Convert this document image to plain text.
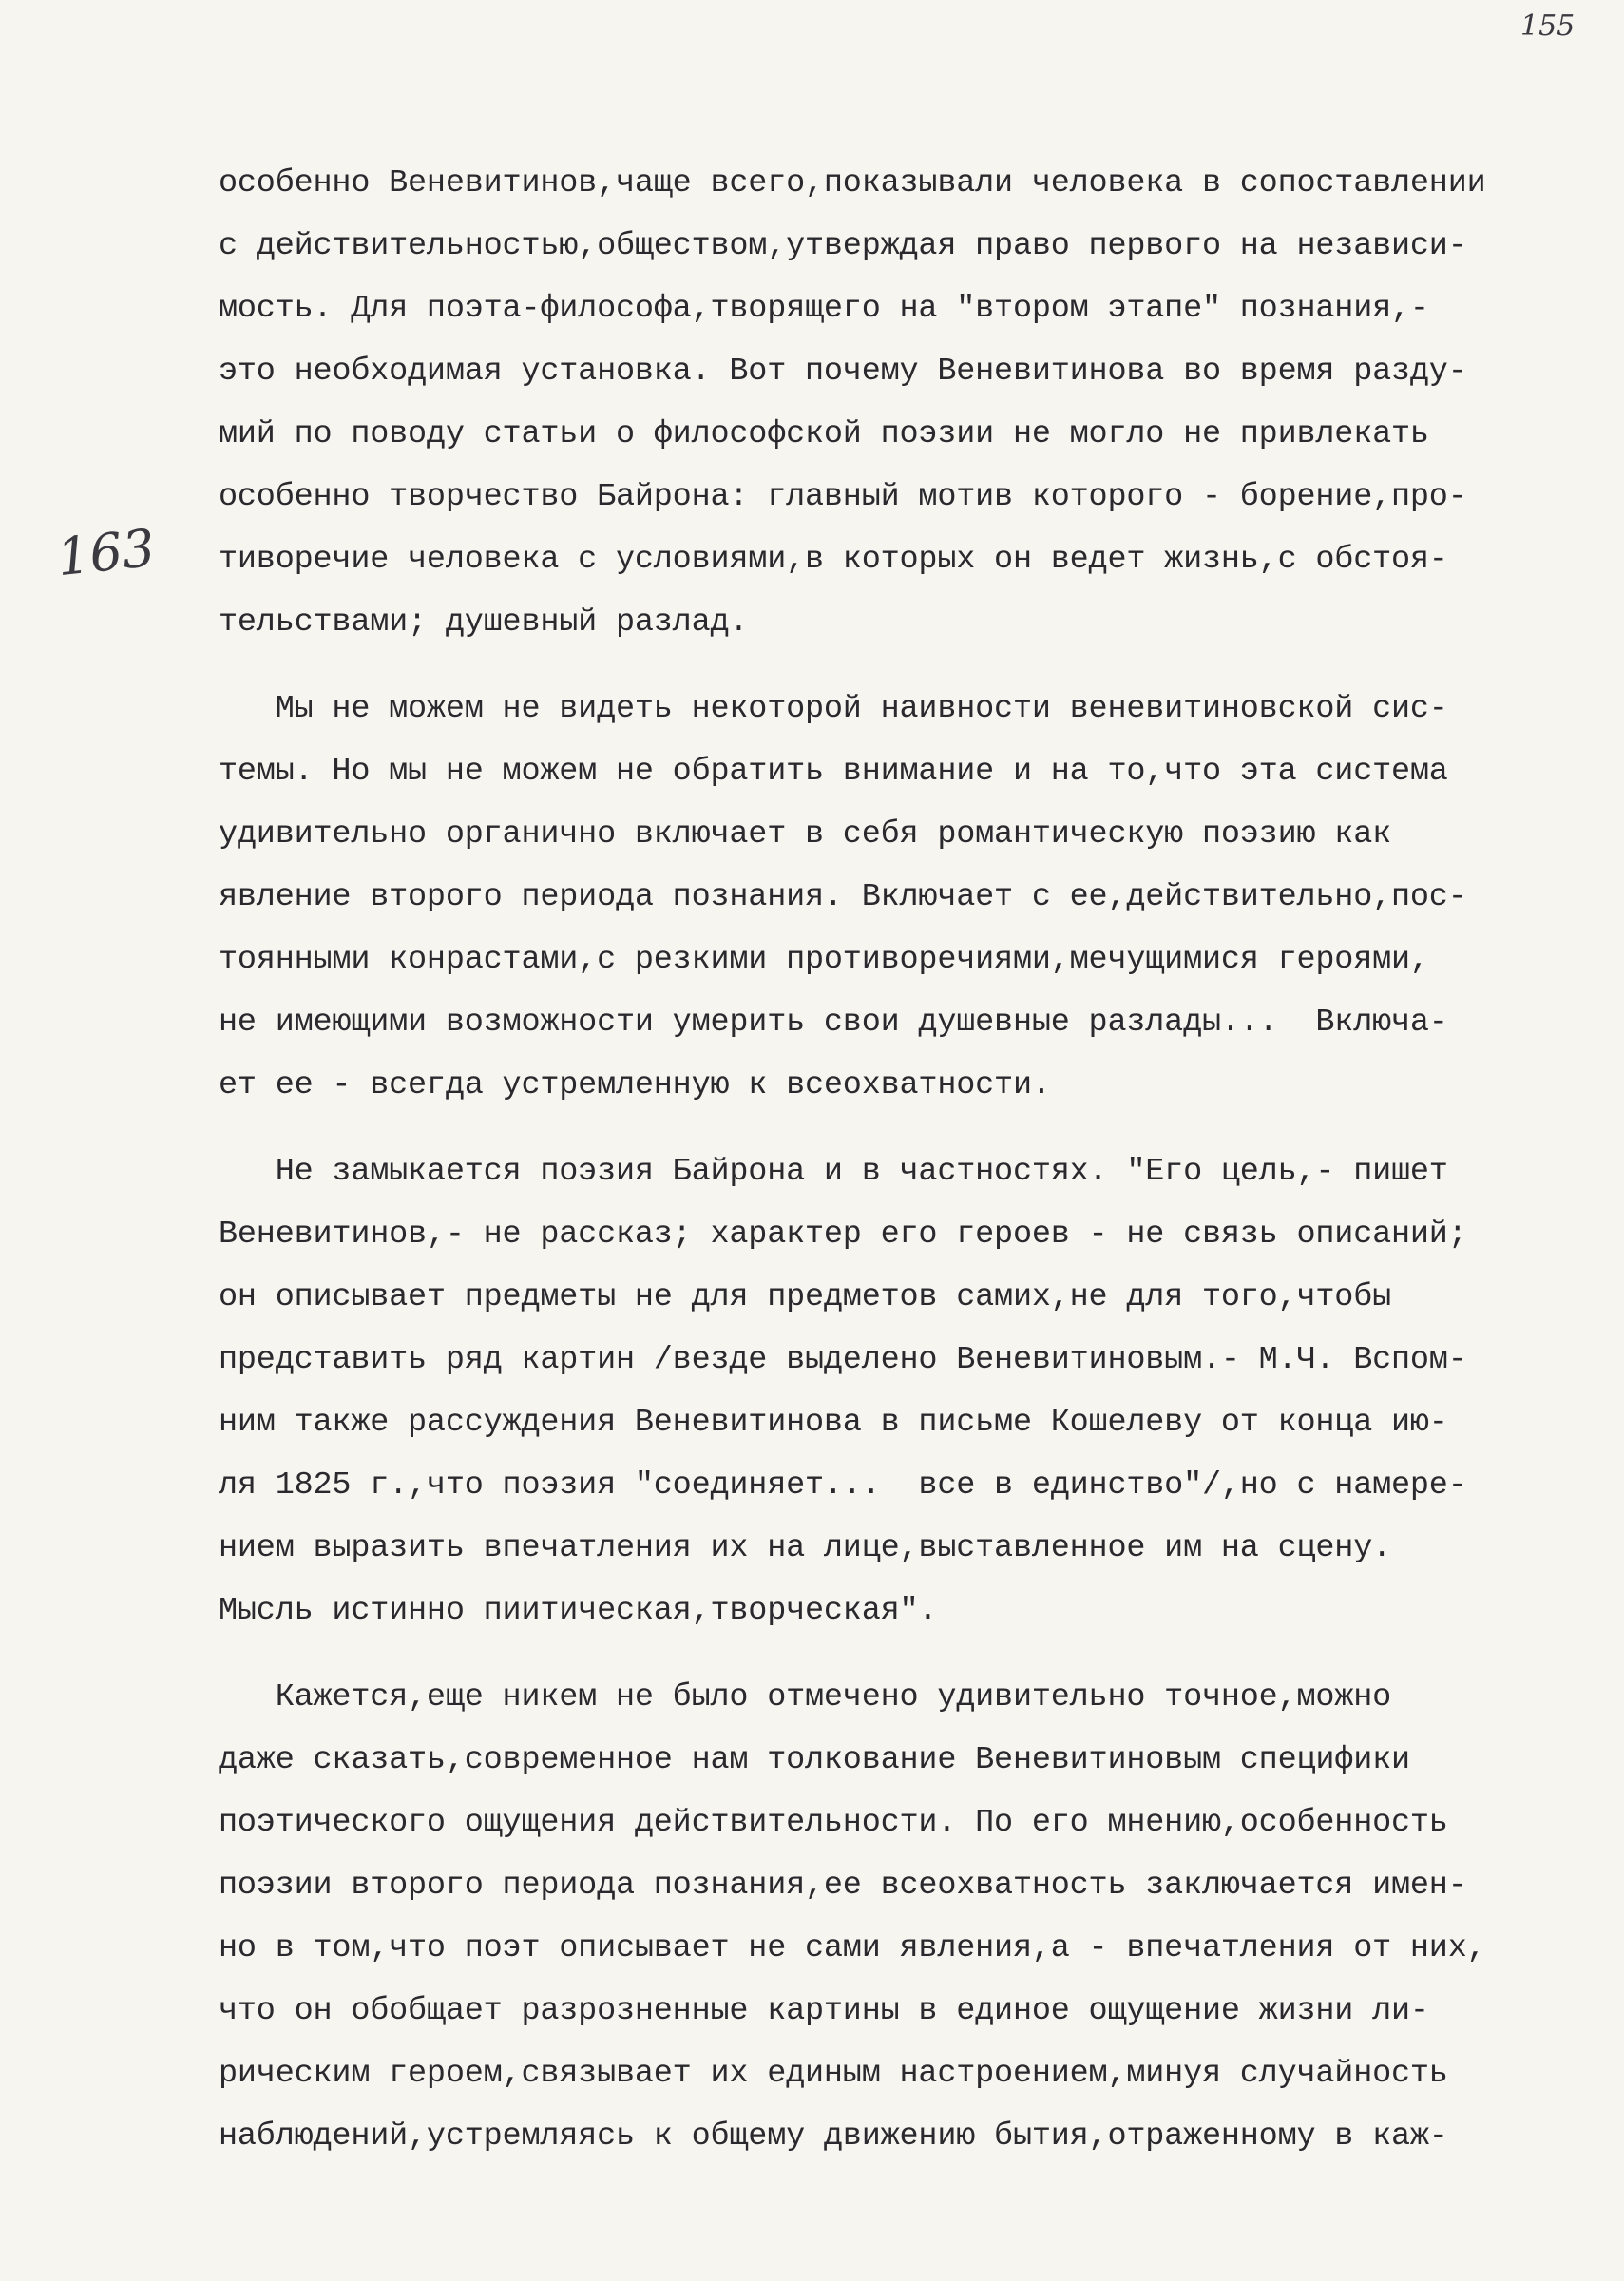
155
163
особенно Веневитинов,чаще всего,показывали человека в сопоставлении
с действительностью,обществом,утверждая право первого на независи-
мость. Для поэта-философа,творящего на "втором этапе" познания,-
это необходимая установка. Вот почему Веневитинова во время разду-
мий по поводу статьи о философской поэзии не могло не привлекать
особенно творчество Байрона: главный мотив которого - борение,про-
тиворечие человека с условиями,в которых он ведет жизнь,с обстоя-
тельствами; душевный разлад.
Мы не можем не видеть некоторой наивности веневитиновской сис-
темы. Но мы не можем не обратить внимание и на то,что эта система
удивительно органично включает в себя романтическую поэзию как
явление второго периода познания. Включает с ее,действительно,пос-
тоянными конрастами,с резкими противоречиями,мечущимися героями,
не имеющими возможности умерить свои душевные разлады...  Включа-
ет ее - всегда устремленную к всеохватности.
Не замыкается поэзия Байрона и в частностях. "Его цель,- пишет
Веневитинов,- не рассказ; характер его героев - не связь описаний;
он описывает предметы не для предметов самих,не для того,чтобы
представить ряд картин /везде выделено Веневитиновым.- М.Ч. Вспом-
ним также рассуждения Веневитинова в письме Кошелеву от конца ию-
ля 1825 г.,что поэзия "соединяет...  все в единство"/,но с намере-
нием выразить впечатления их на лице,выставленное им на сцену.
Мысль истинно пиитическая,творческая".
Кажется,еще никем не было отмечено удивительно точное,можно
даже сказать,современное нам толкование Веневитиновым специфики
поэтического ощущения действительности. По его мнению,особенность
поэзии второго периода познания,ее всеохватность заключается имен-
но в том,что поэт описывает не сами явления,а - впечатления от них,
что он обобщает разрозненные картины в единое ощущение жизни ли-
рическим героем,связывает их единым настроением,минуя случайность
наблюдений,устремляясь к общему движению бытия,отраженному в каж-
